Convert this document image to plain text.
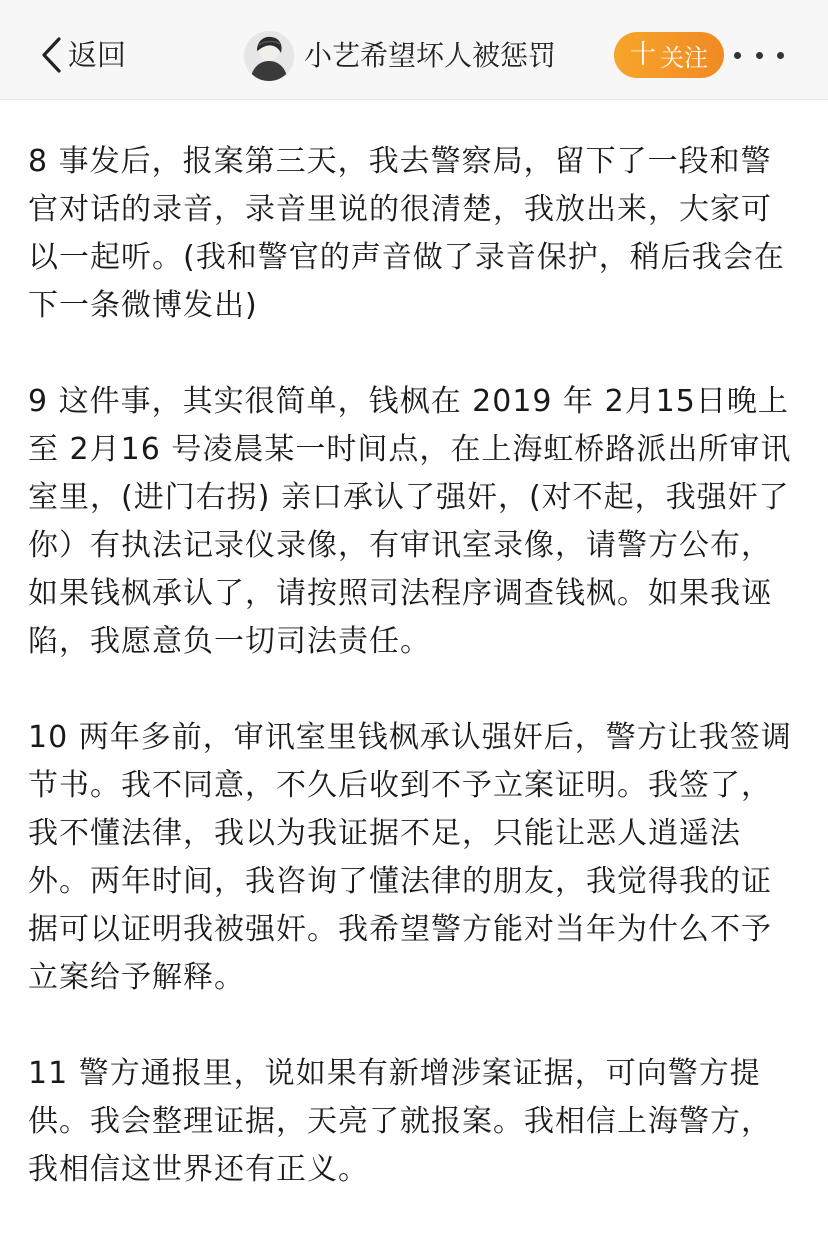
返回	小艺希望坏人被惩罚	十 关注

8 事发后，报案第三天，我去警察局，留下了一段和警官对话的录音，录音里说的很清楚，我放出来，大家可以一起听。(我和警官的声音做了录音保护，稍后我会在下一条微博发出)

9 这件事，其实很简单，钱枫在 2019 年 2月15日晚上至 2月16 号凌晨某一时间点，在上海虹桥路派出所审讯室里，(进门右拐) 亲口承认了强奸，(对不起，我强奸了你）有执法记录仪录像，有审讯室录像，请警方公布，如果钱枫承认了，请按照司法程序调查钱枫。如果我诬陷，我愿意负一切司法责任。

10 两年多前，审讯室里钱枫承认强奸后，警方让我签调节书。我不同意，不久后收到不予立案证明。我签了，我不懂法律，我以为我证据不足，只能让恶人逍遥法外。两年时间，我咨询了懂法律的朋友，我觉得我的证据可以证明我被强奸。我希望警方能对当年为什么不予立案给予解释。

11 警方通报里，说如果有新增涉案证据，可向警方提供。我会整理证据，天亮了就报案。我相信上海警方，我相信这世界还有正义。
